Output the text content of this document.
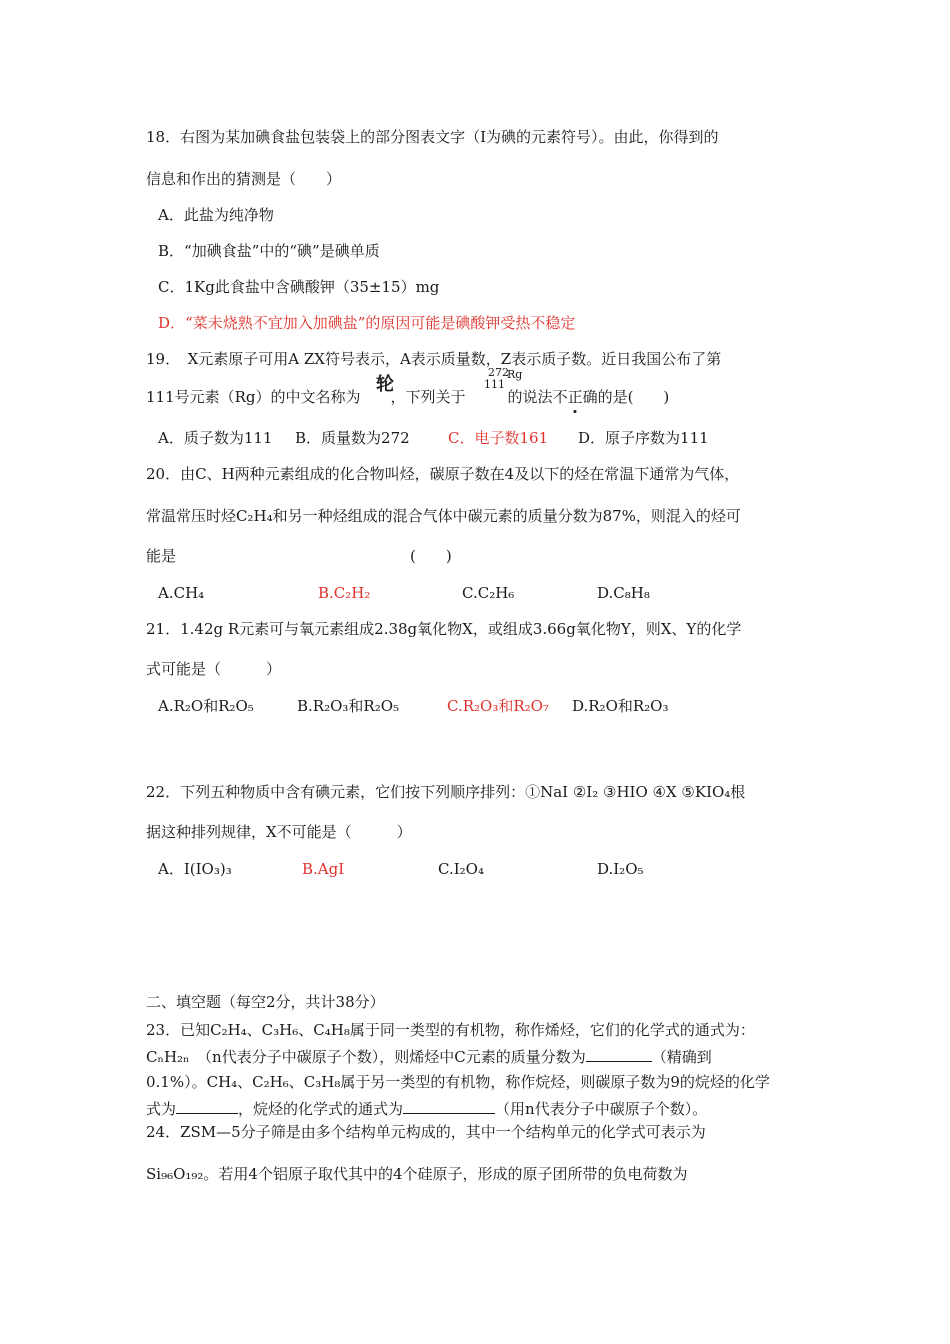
18．右图为某加碘食盐包装袋上的部分图表文字（I为碘的元素符号）。由此，你得到的
信息和作出的猜测是（　　）
A．此盐为纯净物
B．“加碘食盐”中的“碘”是碘单质
C．1Kg此食盐中含碘酸钾（35±15）mg
D．“菜未烧熟不宜加入加碘盐”的原因可能是碘酸钾受热不稳定
19．　X元素原子可用A ZX符号表示，A表示质量数，Z表示质子数。近日我国公布了第
轮
272
111Rg
111号元素（Rg）的中文名称为 ，下列关于	的说法不正确的是(　　)
A．质子数为111 B．质量数为272	C．电子数161 D．原子序数为111
20．由C、H两种元素组成的化合物叫烃，碳原子数在4及以下的烃在常温下通常为气体，
常温常压时烃C₂H₄和另一种烃组成的混合气体中碳元素的质量分数为87%，则混入的烃可
能是	(　　)
A.CH₄	B.C₂H₂	C.C₂H₆	D.C₈H₈
21．1.42g R元素可与氧元素组成2.38g氧化物X，或组成3.66g氧化物Y，则X、Y的化学
式可能是（　　　）
A.R₂O和R₂O₅	B.R₂O₃和R₂O₅	C.R₂O₃和R₂O₇ D.R₂O和R₂O₃
22．下列五种物质中含有碘元素，它们按下列顺序排列：①NaI ②I₂ ③HIO ④X ⑤KIO₄根
据这种排列规律，X不可能是（　　　）
A．I(IO₃)₃	B.AgI	C.I₂O₄	D.I₂O₅
二、填空题（每空2分，共计38分）
23．已知C₂H₄、C₃H₆、C₄H₈属于同一类型的有机物，称作烯烃，它们的化学式的通式为：
CₙH₂ₙ　（n代表分子中碳原子个数），则烯烃中C元素的质量分数为	（精确到
0.1%）。CH₄、C₂H₆、C₃H₈属于另一类型的有机物，称作烷烃，则碳原子数为9的烷烃的化学
式为	，烷烃的化学式的通式为	（用n代表分子中碳原子个数）。
24．ZSM—5分子筛是由多个结构单元构成的，其中一个结构单元的化学式可表示为
Si₉₆O₁₉₂。若用4个铝原子取代其中的4个硅原子，形成的原子团所带的负电荷数为
